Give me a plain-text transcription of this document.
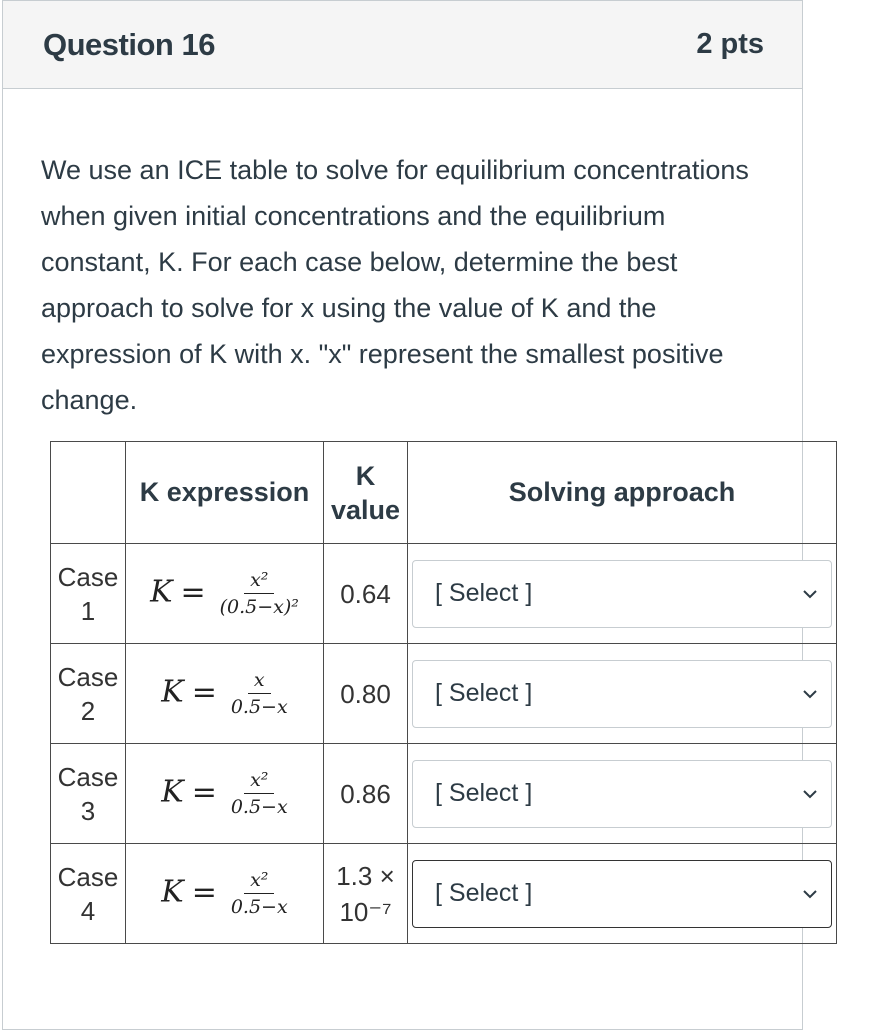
Question 16	2 pts
We use an ICE table to solve for equilibrium concentrations when given initial concentrations and the equilibrium constant, K. For each case below, determine the best approach to solve for x using the value of K and the expression of K with x. "x" represent the smallest positive change.
	K expression	K value	Solving approach
Case 1	$K = \frac{\text{x²}}{\text{(0.5−x)²}}$	0.64	[ Select ]

Case 2	$K = \frac{x}{0.5-x}$	0.80	[ Select ]

Case 3	$K = \frac{\text{x²}}{0.5-x}$	0.86	[ Select ]

Case 4	$K = \frac{\text{x²}}{0.5-x}$	1.3 × 10⁻⁷	[ Select ]
